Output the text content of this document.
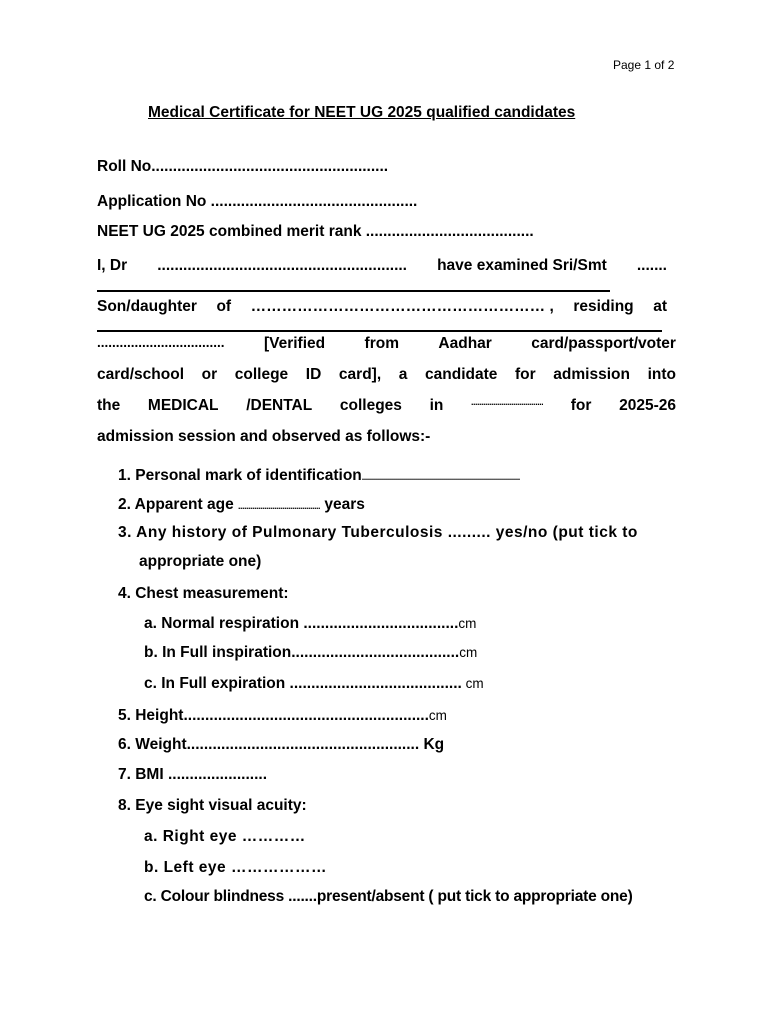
Page 1 of 2
Medical Certificate for NEET UG 2025 qualified candidates
Roll No.......................................................
Application No ................................................
NEET UG 2025 combined merit rank .......................................
I, Dr .......................................................... have examined Sri/Smt .......
Son/daughter of ………………………………………………… , residing at
..................................	[Verified	from	Aadhar	card/passport/voter
card/school or college ID card], a candidate for admission into
the MEDICAL /DENTAL colleges in	.................................... for 2025-26
admission session and observed as follows:-
1. Personal mark of identification...............................................................................
2. Apparent age ......................................... years
3. Any history of Pulmonary Tuberculosis ......... yes/no (put tick to
appropriate one)
4. Chest measurement:
a. Normal respiration ....................................cm
b. In Full inspiration.......................................cm
c. In Full expiration ........................................ cm
5. Height.........................................................cm
6. Weight...................................................... Kg
7. BMI .......................
8. Eye sight visual acuity:
a. Right eye …………
b. Left eye ………………
c. Colour blindness .......present/absent ( put tick to appropriate one)
